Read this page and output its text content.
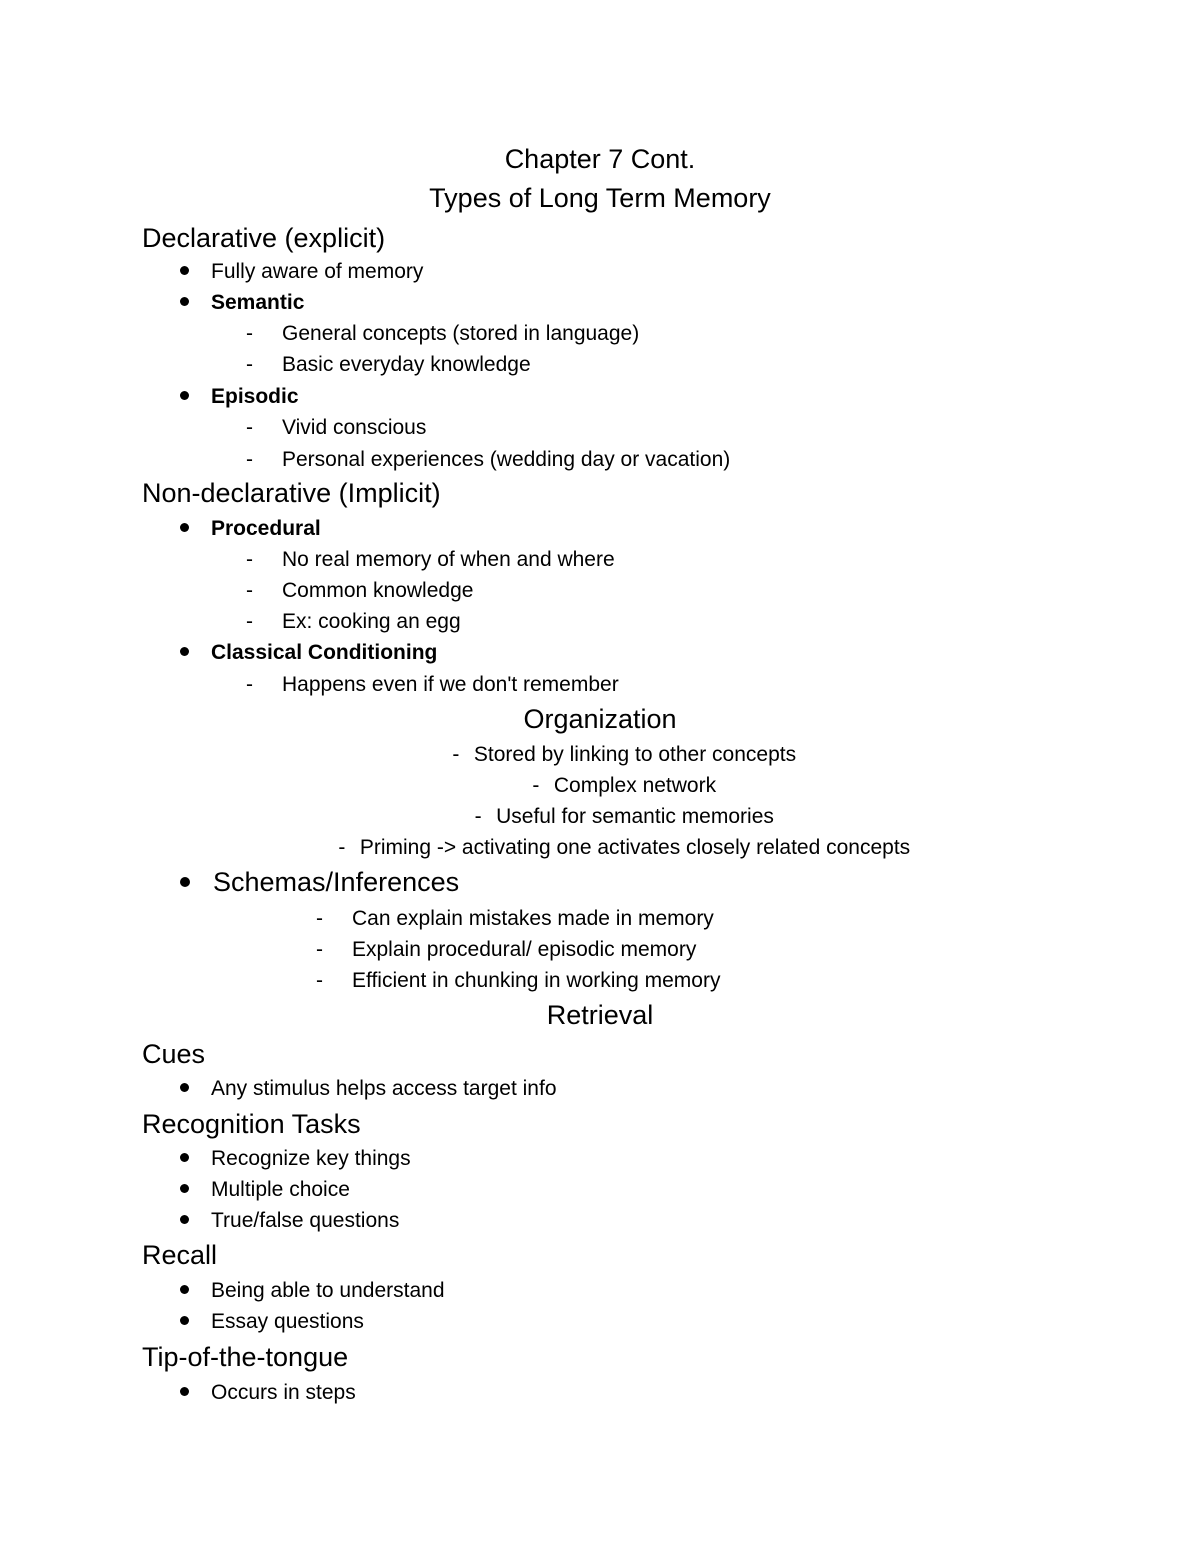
Chapter 7 Cont.
Types of Long Term Memory
Declarative (explicit)
Fully aware of memory
Semantic
- General concepts (stored in language)
- Basic everyday knowledge
Episodic
- Vivid conscious
- Personal experiences (wedding day or vacation)
Non-declarative (Implicit)
Procedural
- No real memory of when and where
- Common knowledge
- Ex: cooking an egg
Classical Conditioning
- Happens even if we don't remember
Organization
- Stored by linking to other concepts
- Complex network
- Useful for semantic memories
- Priming -> activating one activates closely related concepts
Schemas/Inferences
- Can explain mistakes made in memory
- Explain procedural/ episodic memory
- Efficient in chunking in working memory
Retrieval
Cues
Any stimulus helps access target info
Recognition Tasks
Recognize key things
Multiple choice
True/false questions
Recall
Being able to understand
Essay questions
Tip-of-the-tongue
Occurs in steps
